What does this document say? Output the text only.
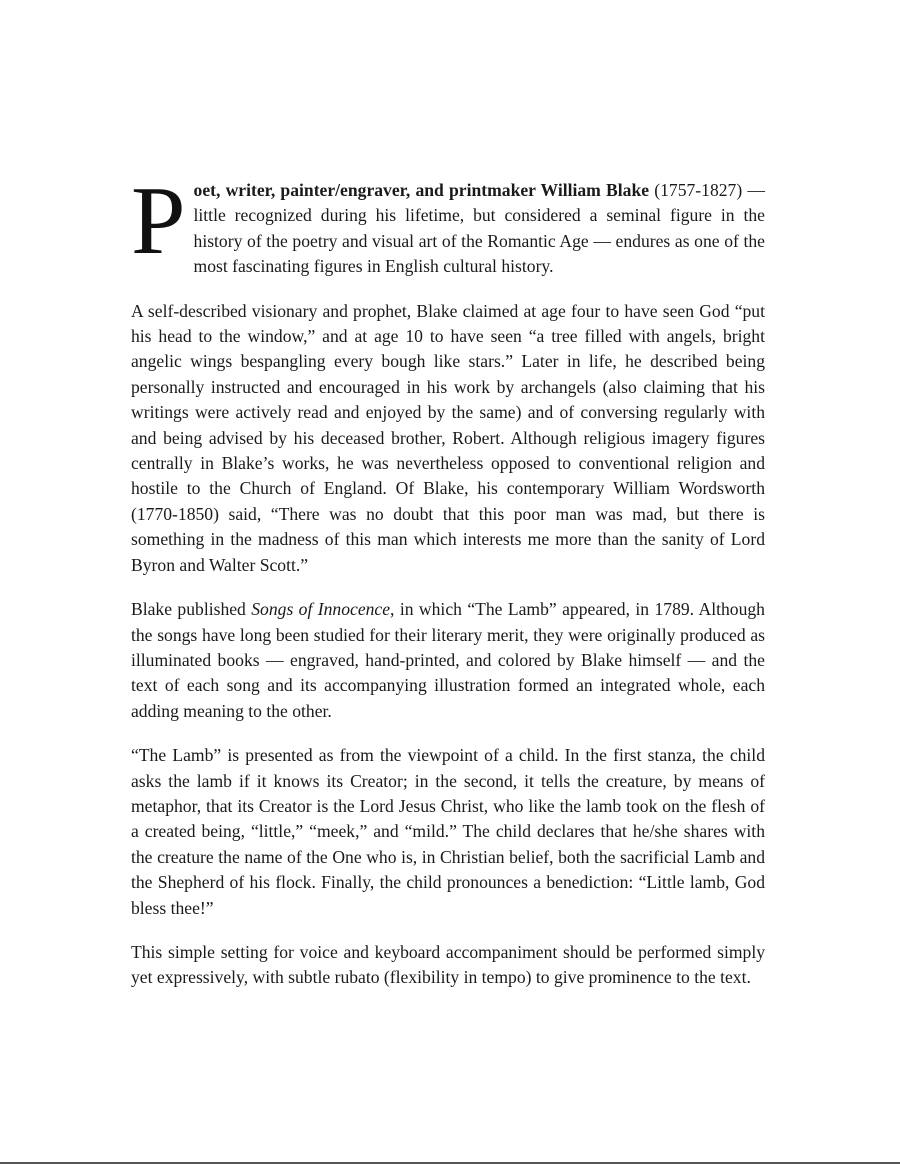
Poet, writer, painter/engraver, and printmaker William Blake (1757-1827) — little recognized during his lifetime, but considered a seminal figure in the history of the poetry and visual art of the Romantic Age — endures as one of the most fascinating figures in English cultural history.

A self-described visionary and prophet, Blake claimed at age four to have seen God “put his head to the window,” and at age 10 to have seen “a tree filled with angels, bright angelic wings bespangling every bough like stars.” Later in life, he described being personally instructed and encouraged in his work by archangels (also claiming that his writings were actively read and enjoyed by the same) and of conversing regularly with and being advised by his deceased brother, Robert. Although religious imagery figures centrally in Blake’s works, he was nevertheless opposed to conventional religion and hostile to the Church of England. Of Blake, his contemporary William Wordsworth (1770-1850) said, “There was no doubt that this poor man was mad, but there is something in the madness of this man which interests me more than the sanity of Lord Byron and Walter Scott.”

Blake published Songs of Innocence, in which “The Lamb” appeared, in 1789. Although the songs have long been studied for their literary merit, they were originally produced as illuminated books — engraved, hand-printed, and colored by Blake himself — and the text of each song and its accompanying illustration formed an integrated whole, each adding meaning to the other.

“The Lamb” is presented as from the viewpoint of a child. In the first stanza, the child asks the lamb if it knows its Creator; in the second, it tells the creature, by means of metaphor, that its Creator is the Lord Jesus Christ, who like the lamb took on the flesh of a created being, “little,” “meek,” and “mild.” The child declares that he/she shares with the creature the name of the One who is, in Christian belief, both the sacrificial Lamb and the Shepherd of his flock. Finally, the child pronounces a benediction: “Little lamb, God bless thee!”

This simple setting for voice and keyboard accompaniment should be performed simply yet expressively, with subtle rubato (flexibility in tempo) to give prominence to the text.
